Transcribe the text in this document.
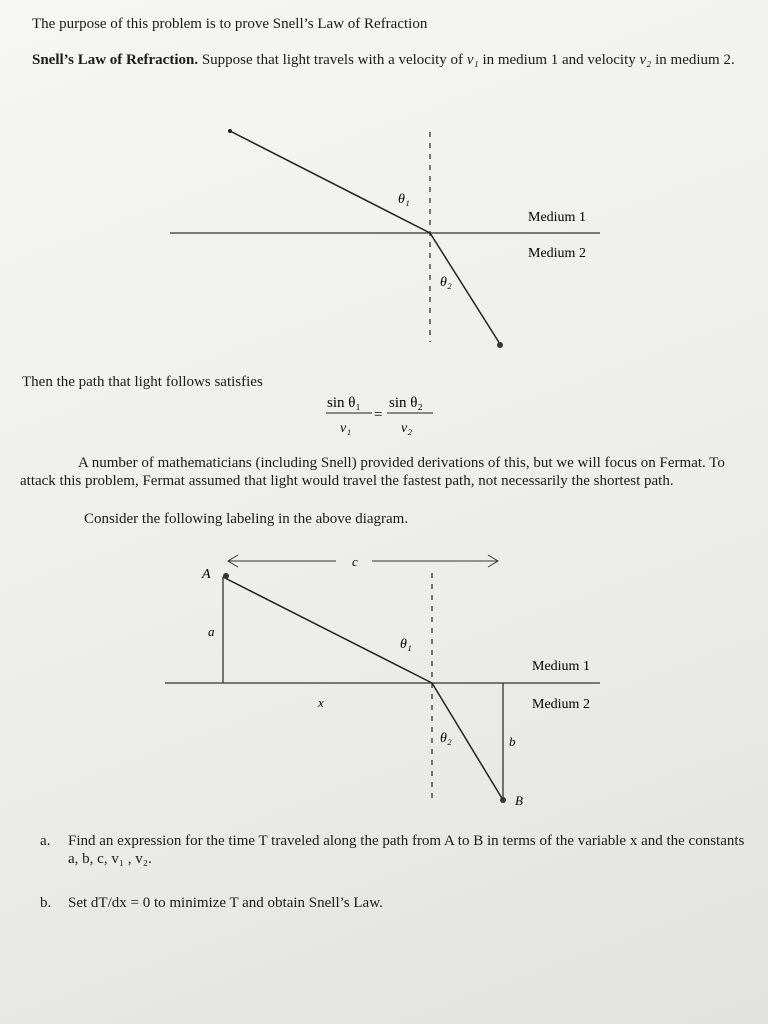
The purpose of this problem is to prove Snell’s Law of Refraction
Snell’s Law of Refraction. Suppose that light travels with a velocity of v₁ in medium 1 and velocity v₂ in medium 2.
θ₁
θ₂
Medium 1
Medium 2
Then the path that light follows satisfies
sin θ₁
v₁
=
sin θ₂
v₂
A number of mathematicians (including Snell) provided derivations of this, but we will focus on Fermat. To attack this problem, Fermat assumed that light would travel the fastest path, not necessarily the shortest path.
Consider the following labeling in the above diagram.
c
A
a
x
b
B
θ₁
θ₂
Medium 1
Medium 2
a. Find an expression for the time T traveled along the path from A to B in terms of the variable x and the constants a, b, c, v₁ , v₂.
b. Set dT/dx = 0 to minimize T and obtain Snell’s Law.
